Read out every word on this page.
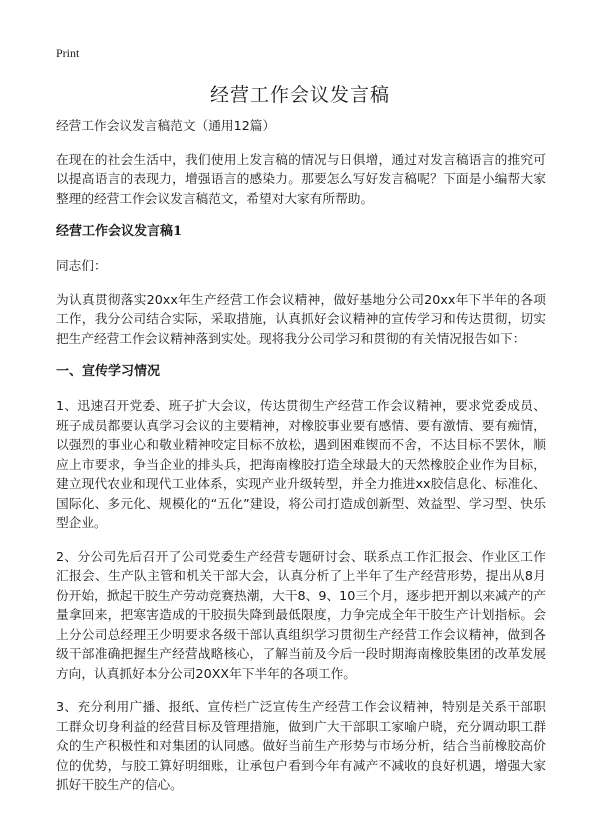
Print
经营工作会议发言稿

经营工作会议发言稿范文（通用12篇）

在现在的社会生活中，我们使用上发言稿的情况与日俱增，通过对发言稿语言的推究可以提高语言的表现力，增强语言的感染力。那要怎么写好发言稿呢？下面是小编帮大家整理的经营工作会议发言稿范文，希望对大家有所帮助。

经营工作会议发言稿1

同志们：

为认真贯彻落实20xx年生产经营工作会议精神，做好基地分公司20xx年下半年的各项工作，我分公司结合实际，采取措施，认真抓好会议精神的宣传学习和传达贯彻，切实把生产经营工作会议精神落到实处。现将我分公司学习和贯彻的有关情况报告如下：

一、宣传学习情况

1、迅速召开党委、班子扩大会议，传达贯彻生产经营工作会议精神，要求党委成员、班子成员都要认真学习会议的主要精神，对橡胶事业要有感情、要有激情、要有痴情，以强烈的事业心和敬业精神咬定目标不放松，遇到困难锲而不舍，不达目标不罢休，顺应上市要求，争当企业的排头兵，把海南橡胶打造全球最大的天然橡胶企业作为目标，建立现代农业和现代工业体系，实现产业升级转型，并全力推进xx胶信息化、标准化、国际化、多元化、规模化的“五化”建设，将公司打造成创新型、效益型、学习型、快乐型企业。

2、分公司先后召开了公司党委生产经营专题研讨会、联系点工作汇报会、作业区工作汇报会、生产队主管和机关干部大会，认真分析了上半年了生产经营形势，提出从8月份开始，掀起干胶生产劳动竞赛热潮，大干8、9、10三个月，逐步把开割以来减产的产量拿回来，把寒害造成的干胶损失降到最低限度，力争完成全年干胶生产计划指标。会上分公司总经理王少明要求各级干部认真组织学习贯彻生产经营工作会议精神，做到各级干部准确把握生产经营战略核心，了解当前及今后一段时期海南橡胶集团的改革发展方向，认真抓好本分公司20XX年下半年的各项工作。

3、充分利用广播、报纸、宣传栏广泛宣传生产经营工作会议精神，特别是关系干部职工群众切身利益的经营目标及管理措施，做到广大干部职工家喻户晓，充分调动职工群众的生产积极性和对集团的认同感。做好当前生产形势与市场分析，结合当前橡胶高价位的优势，与胶工算好明细账，让承包户看到今年有减产不减收的良好机遇，增强大家抓好干胶生产的信心。
